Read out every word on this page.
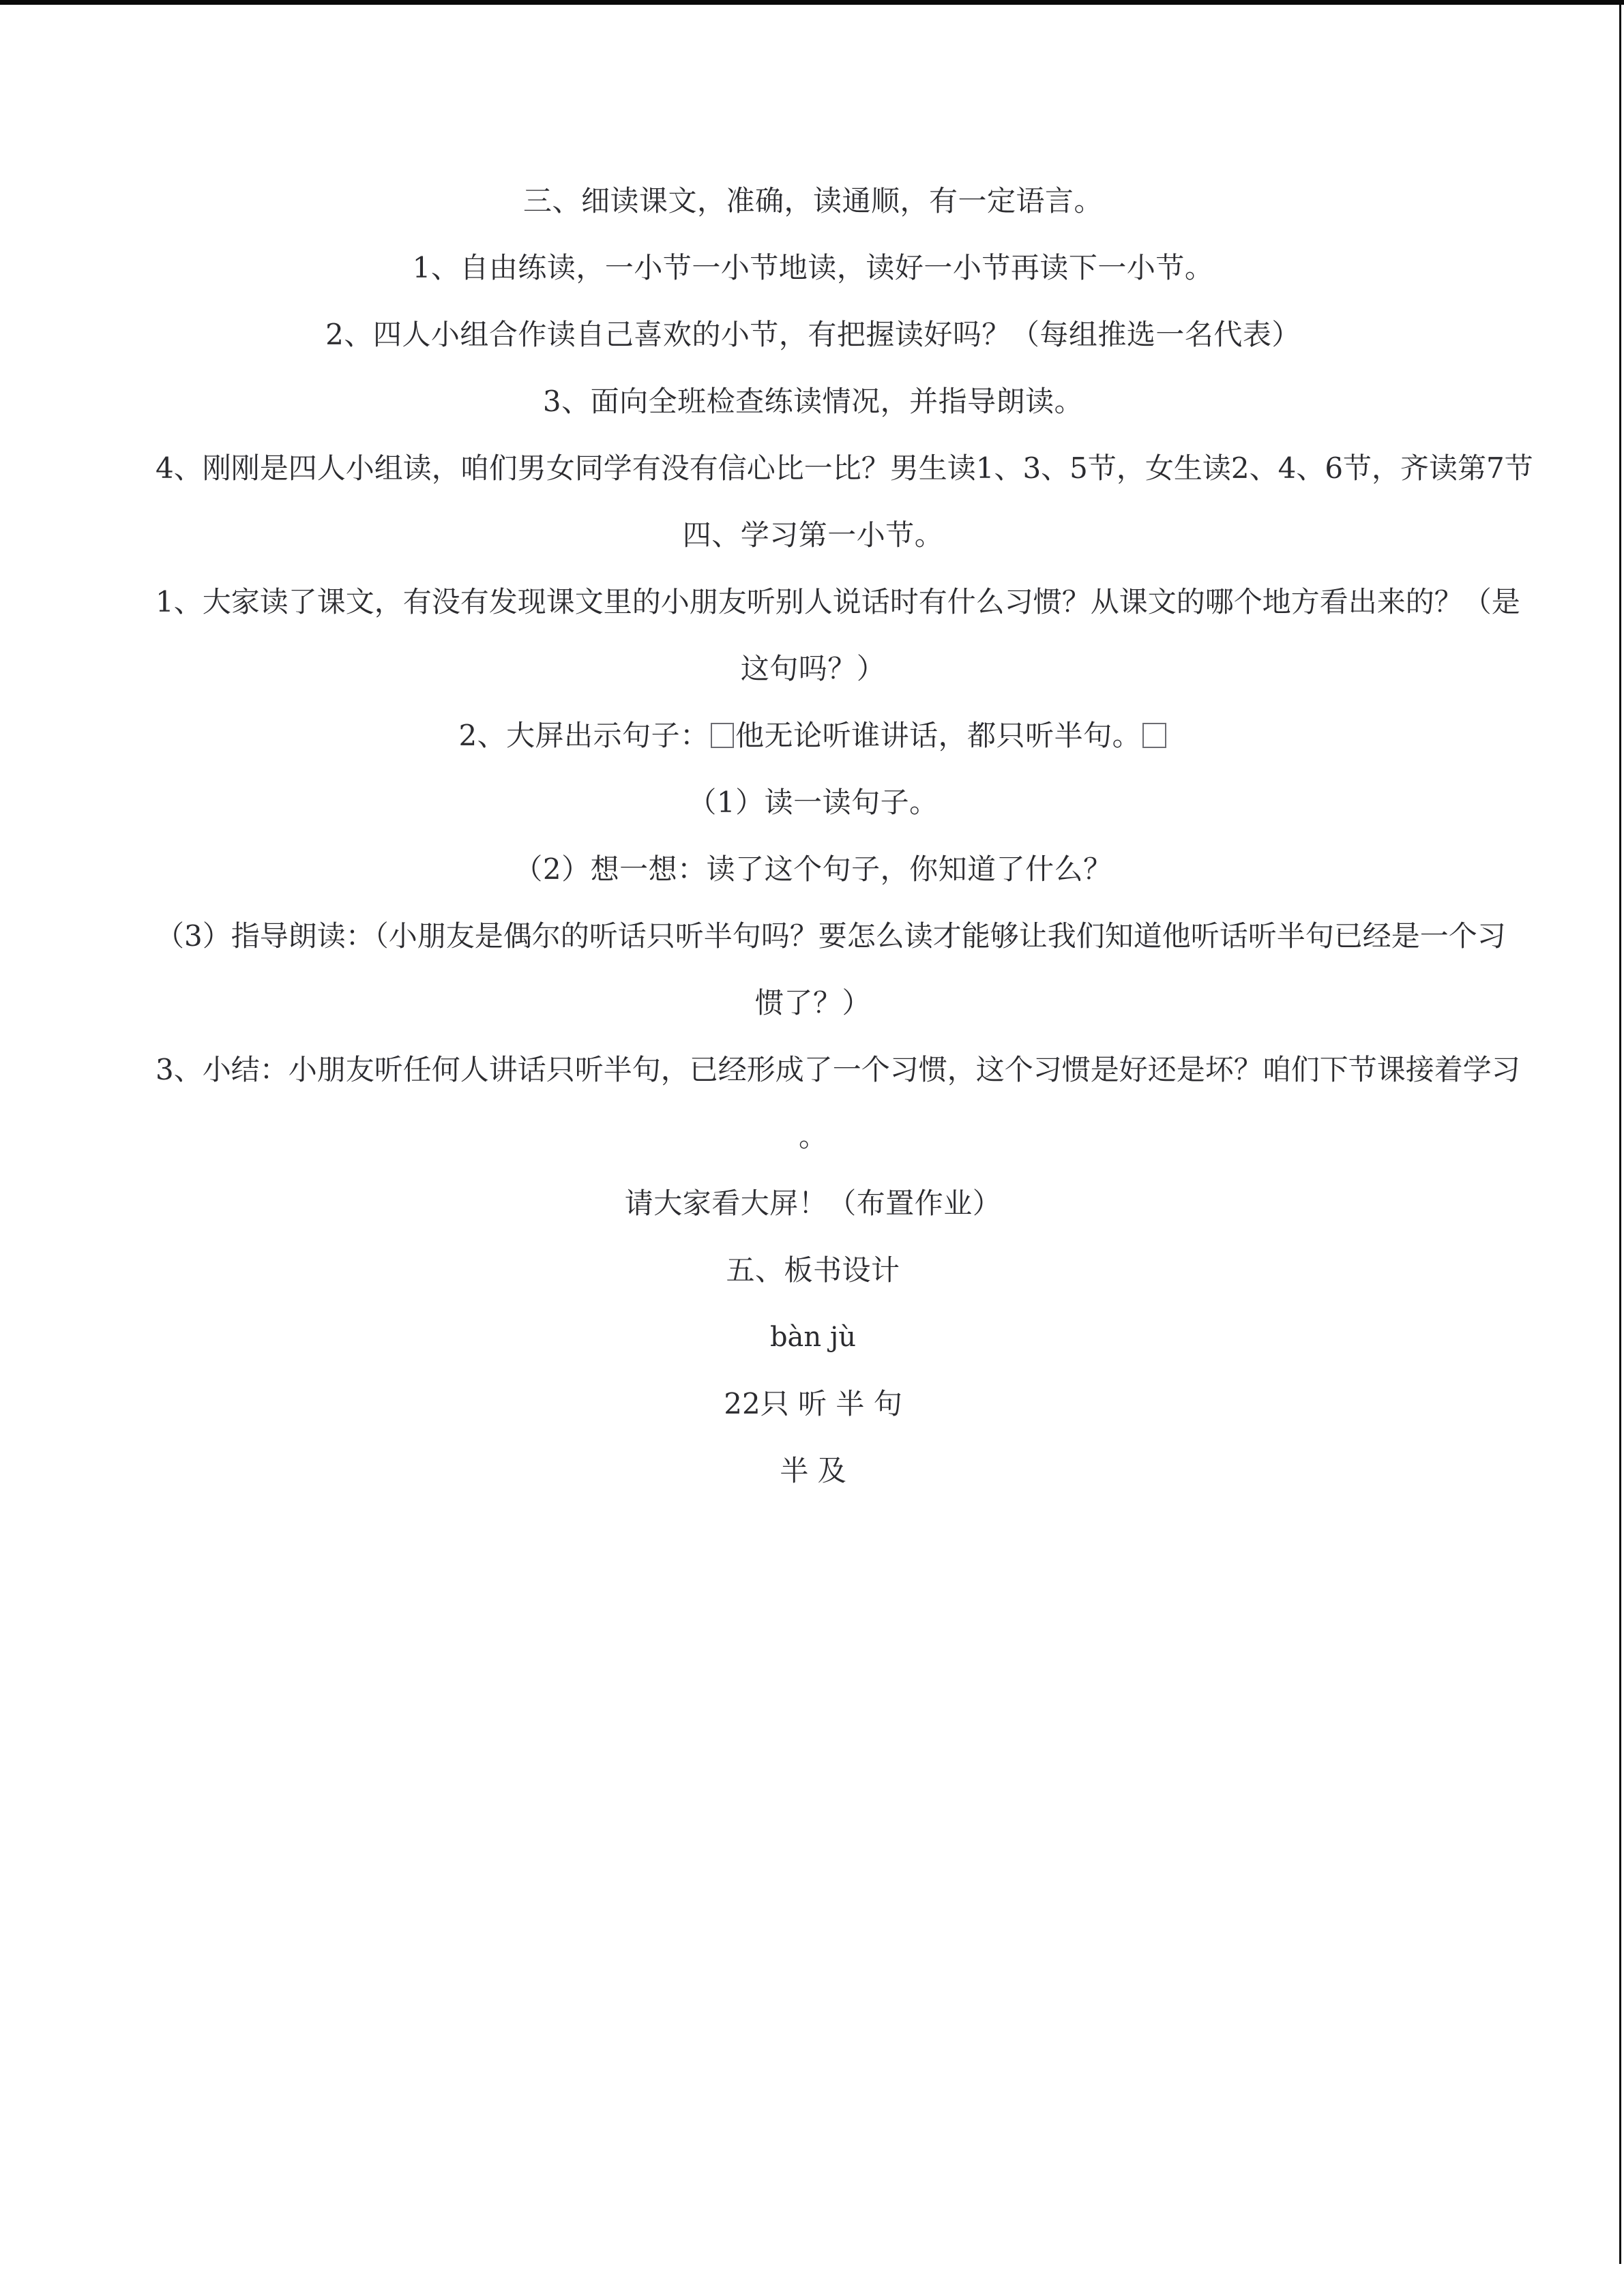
三、细读课文，准确，读通顺，有一定语言。
1、自由练读，一小节一小节地读，读好一小节再读下一小节。
2、四人小组合作读自己喜欢的小节，有把握读好吗？（每组推选一名代表）
3、面向全班检查练读情况，并指导朗读。
4、刚刚是四人小组读，咱们男女同学有没有信心比一比？男生读1、3、5节，女生读2、4、6节，齐读第7节
四、学习第一小节。
1、大家读了课文，有没有发现课文里的小朋友听别人说话时有什么习惯？从课文的哪个地方看出来的？（是
这句吗？）
2、大屏出示句子： 他无论听谁讲话，都只听半句。
（1）读一读句子。
（2）想一想：读了这个句子，你知道了什么？
（3）指导朗读：（小朋友是偶尔的听话只听半句吗？要怎么读才能够让我们知道他听话听半句已经是一个习
惯了？）
3、小结：小朋友听任何人讲话只听半句，已经形成了一个习惯，这个习惯是好还是坏？咱们下节课接着学习
。
请大家看大屏！（布置作业）
五、板书设计
bàn jù
22只 听 半 句
半 及
